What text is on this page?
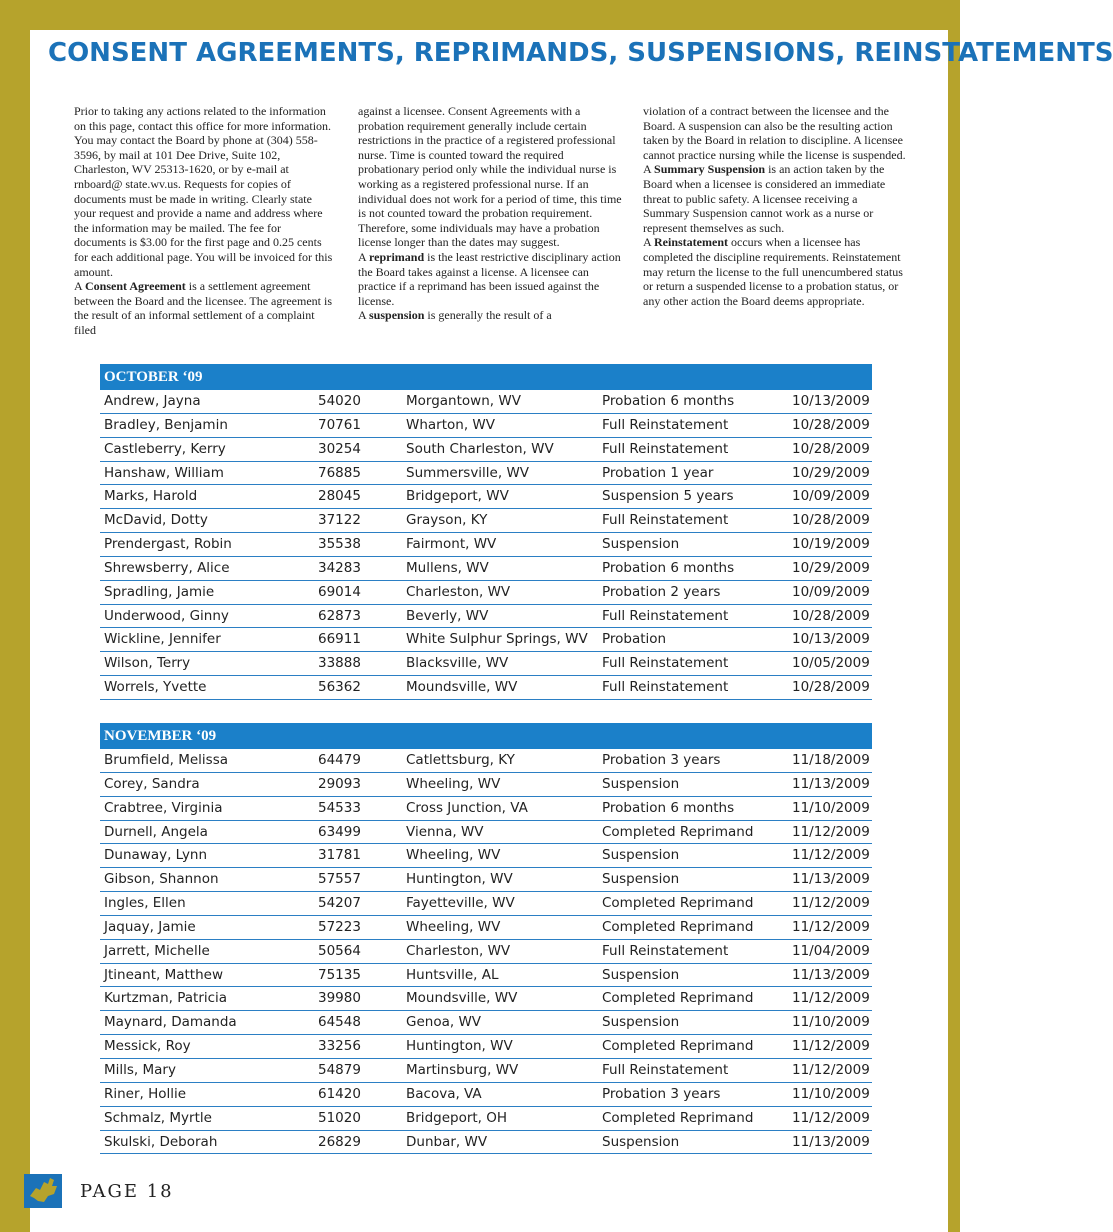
CONSENT AGREEMENTS, REPRIMANDS, SUSPENSIONS, REINSTATEMENTS

Prior to taking any actions related to the information on this page, contact this office for more information. You may contact the Board by phone at (304) 558-3596, by mail at 101 Dee Drive, Suite 102, Charleston, WV 25313-1620, or by e-mail at rnboard@ state.wv.us. Requests for copies of documents must be made in writing. Clearly state your request and provide a name and address where the information may be mailed. The fee for documents is $3.00 for the first page and 0.25 cents for each additional page. You will be invoiced for this amount.

A Consent Agreement is a settlement agreement between the Board and the licensee. The agreement is the result of an informal settlement of a complaint filed

against a licensee. Consent Agreements with a probation requirement generally include certain restrictions in the practice of a registered professional nurse. Time is counted toward the required probationary period only while the individual nurse is working as a registered professional nurse. If an individual does not work for a period of time, this time is not counted toward the probation requirement. Therefore, some individuals may have a probation license longer than the dates may suggest.

A reprimand is the least restrictive disciplinary action the Board takes against a license. A licensee can practice if a reprimand has been issued against the license.

A suspension is generally the result of a

violation of a contract between the licensee and the Board. A suspension can also be the resulting action taken by the Board in relation to discipline. A licensee cannot practice nursing while the license is suspended.

A Summary Suspension is an action taken by the Board when a licensee is considered an immediate threat to public safety. A licensee receiving a Summary Suspension cannot work as a nurse or represent themselves as such.

A Reinstatement occurs when a licensee has completed the discipline requirements. Reinstatement may return the license to the full unencumbered status or return a suspended license to a probation status, or any other action the Board deems appropriate.

OCTOBER ‘09
Andrew, Jayna	54020	Morgantown, WV	Probation 6 months	10/13/2009
Bradley, Benjamin	70761	Wharton, WV	Full Reinstatement	10/28/2009
Castleberry, Kerry	30254	South Charleston, WV	Full Reinstatement	10/28/2009
Hanshaw, William	76885	Summersville, WV	Probation 1 year	10/29/2009
Marks, Harold	28045	Bridgeport, WV	Suspension 5 years	10/09/2009
McDavid, Dotty	37122	Grayson, KY	Full Reinstatement	10/28/2009
Prendergast, Robin	35538	Fairmont, WV	Suspension	10/19/2009
Shrewsberry, Alice	34283	Mullens, WV	Probation 6 months	10/29/2009
Spradling, Jamie	69014	Charleston, WV	Probation 2 years	10/09/2009
Underwood, Ginny	62873	Beverly, WV	Full Reinstatement	10/28/2009
Wickline, Jennifer	66911	White Sulphur Springs, WV Probation	10/13/2009
Wilson, Terry	33888	Blacksville, WV	Full Reinstatement	10/05/2009
Worrels, Yvette	56362	Moundsville, WV	Full Reinstatement	10/28/2009
NOVEMBER ‘09
Brumfield, Melissa	64479	Catlettsburg, KY	Probation 3 years	11/18/2009
Corey, Sandra	29093	Wheeling, WV	Suspension	11/13/2009
Crabtree, Virginia	54533	Cross Junction, VA	Probation 6 months	11/10/2009
Durnell, Angela	63499	Vienna, WV	Completed Reprimand	11/12/2009
Dunaway, Lynn	31781	Wheeling, WV	Suspension	11/12/2009
Gibson, Shannon	57557	Huntington, WV	Suspension	11/13/2009
Ingles, Ellen	54207	Fayetteville, WV	Completed Reprimand	11/12/2009
Jaquay, Jamie	57223	Wheeling, WV	Completed Reprimand	11/12/2009
Jarrett, Michelle	50564	Charleston, WV	Full Reinstatement	11/04/2009
Jtineant, Matthew	75135	Huntsville, AL	Suspension	11/13/2009
Kurtzman, Patricia	39980	Moundsville, WV	Completed Reprimand	11/12/2009
Maynard, Damanda	64548	Genoa, WV	Suspension	11/10/2009
Messick, Roy	33256	Huntington, WV	Completed Reprimand	11/12/2009
Mills, Mary	54879	Martinsburg, WV	Full Reinstatement	11/12/2009
Riner, Hollie	61420	Bacova, VA	Probation 3 years	11/10/2009
Schmalz, Myrtle	51020	Bridgeport, OH	Completed Reprimand	11/12/2009
Skulski, Deborah	26829	Dunbar, WV	Suspension	11/13/2009
PAGE 18
